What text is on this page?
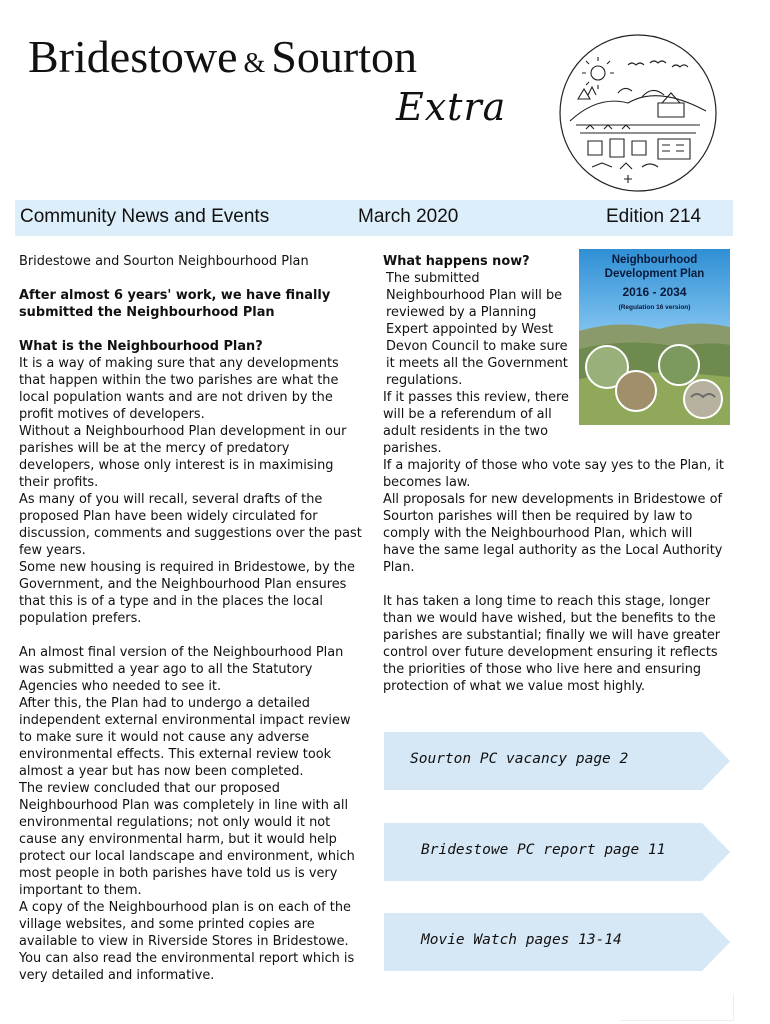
Bridestowe & Sourton
Extra
Community News and Events	March 2020	Edition 214

Bridestowe and Sourton Neighbourhood Plan

After almost 6 years' work, we have finally submitted the Neighbourhood Plan

What is the Neighbourhood Plan?

It is a way of making sure that any developments that happen within the two parishes are what the local population wants and are not driven by the profit motives of developers.

Without a Neighbourhood Plan development in our parishes will be at the mercy of predatory developers, whose only interest is in maximising their profits.

As many of you will recall, several drafts of the proposed Plan have been widely circulated for discussion, comments and suggestions over the past few years.

Some new housing is required in Bridestowe, by the Government, and the Neighbourhood Plan ensures that this is of a type and in the places the local population prefers.

An almost final version of the Neighbourhood Plan was submitted a year ago to all the Statutory Agencies who needed to see it.

After this, the Plan had to undergo a detailed independent external environmental impact review to make sure it would not cause any adverse environmental effects. This external review took almost a year but has now been completed.

The review concluded that our proposed Neighbourhood Plan was completely in line with all environmental regulations; not only would it not cause any environmental harm, but it would help protect our local landscape and environment, which most people in both parishes have told us is very important to them.

A copy of the Neighbourhood plan is on each of the village websites, and some printed copies are available to view in Riverside Stores in Bridestowe. You can also read the environmental report which is very detailed and informative.

What happens now?

The submitted Neighbourhood Plan will be reviewed by a Planning Expert appointed by West Devon Council to make sure it meets all the Government regulations.

If it passes this review, there will be a referendum of all adult residents in the two parishes.

If a majority of those who vote say yes to the Plan, it becomes law.

All proposals for new developments in Bridestowe of Sourton parishes will then be required by law to comply with the Neighbourhood Plan, which will have the same legal authority as the Local Authority Plan.

It has taken a long time to reach this stage, longer than we would have wished, but the benefits to the parishes are substantial; finally we will have greater control over future development ensuring it reflects the priorities of those who live here and ensuring protection of what we value most highly.

Neighbourhood Development Plan
2016 - 2034
(Regulation 16 version)
Sourton PC vacancy page 2
Bridestowe PC report page 11
Movie Watch pages 13-14
